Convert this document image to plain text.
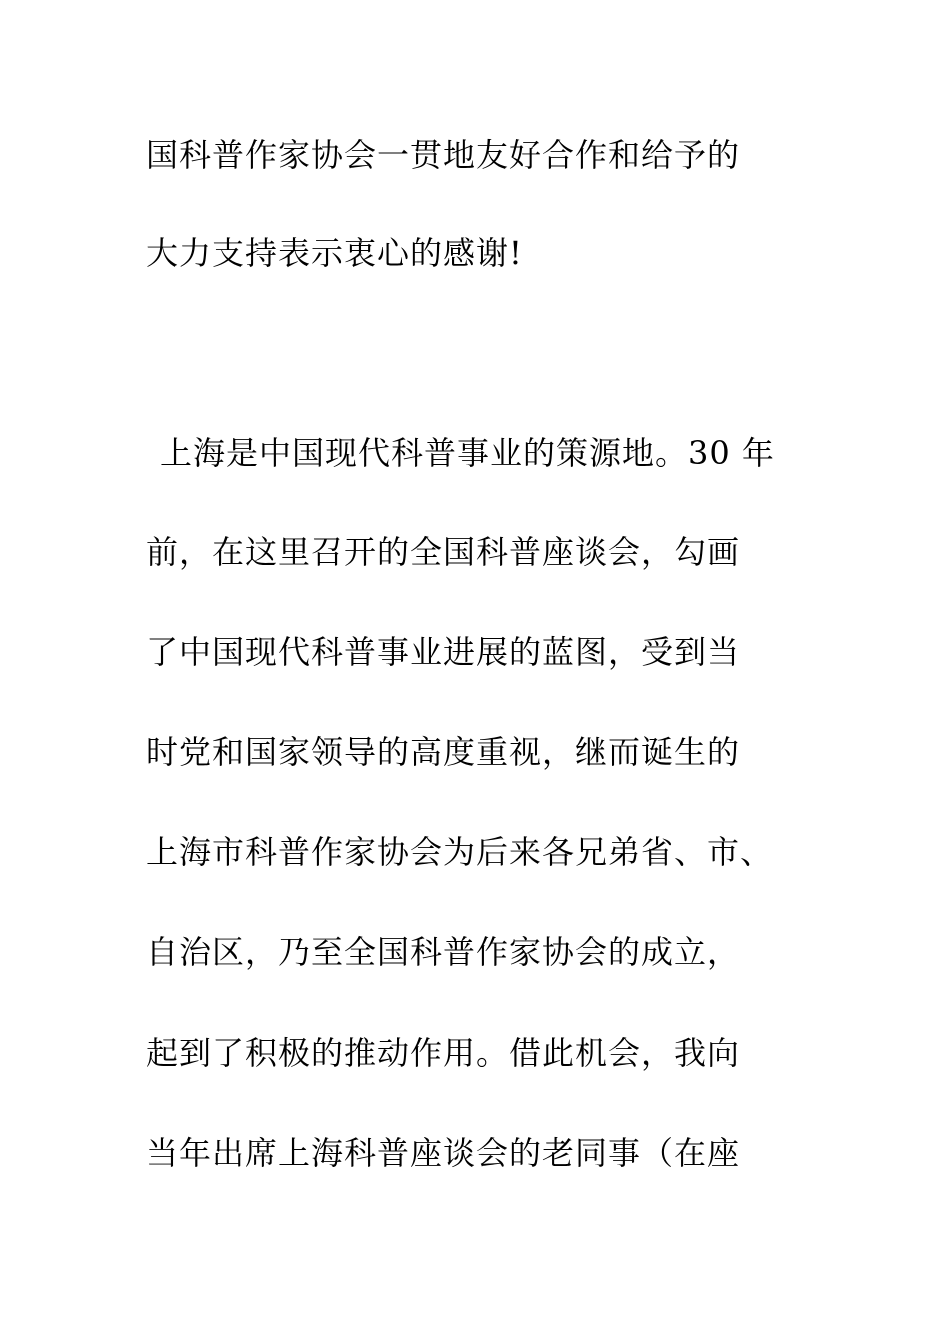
国科普作家协会一贯地友好合作和给予的

大力支持表示衷心的感谢!

上海是中国现代科普事业的策源地。30 年

前，在这里召开的全国科普座谈会，勾画

了中国现代科普事业进展的蓝图，受到当

时党和国家领导的高度重视，继而诞生的

上海市科普作家协会为后来各兄弟省、市、

自治区，乃至全国科普作家协会的成立，

起到了积极的推动作用。借此机会，我向

当年出席上海科普座谈会的老同事（在座
